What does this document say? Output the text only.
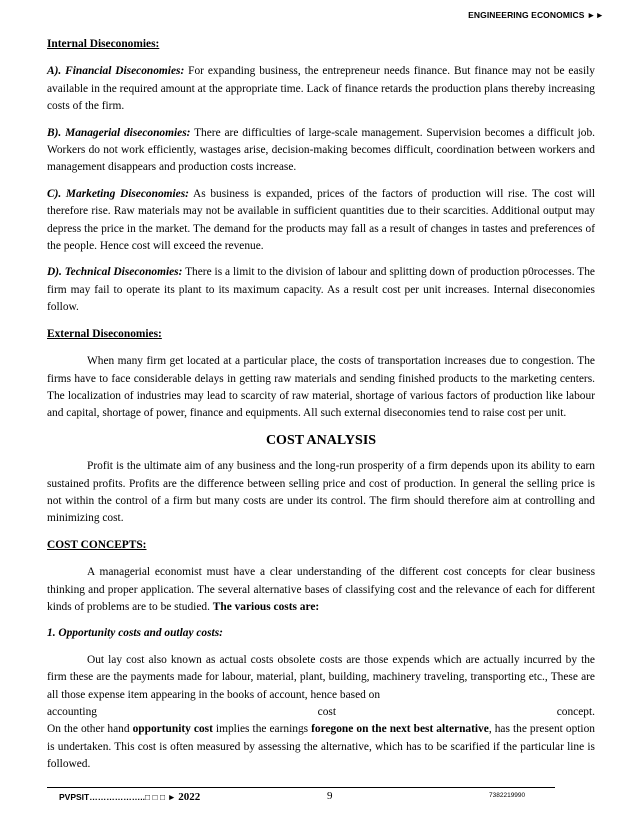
ENGINEERING ECONOMICS ►►
Internal Diseconomies:

A). Financial Diseconomies: For expanding business, the entrepreneur needs finance. But finance may not be easily available in the required amount at the appropriate time. Lack of finance retards the production plans thereby increasing costs of the firm.

B). Managerial diseconomies: There are difficulties of large-scale management. Supervision becomes a difficult job. Workers do not work efficiently, wastages arise, decision-making becomes difficult, coordination between workers and management disappears and production costs increase.

C). Marketing Diseconomies: As business is expanded, prices of the factors of production will rise. The cost will therefore rise. Raw materials may not be available in sufficient quantities due to their scarcities. Additional output may depress the price in the market. The demand for the products may fall as a result of changes in tastes and preferences of the people. Hence cost will exceed the revenue.

D). Technical Diseconomies: There is a limit to the division of labour and splitting down of production p0rocesses. The firm may fail to operate its plant to its maximum capacity. As a result cost per unit increases. Internal diseconomies follow.

External Diseconomies:

When many firm get located at a particular place, the costs of transportation increases due to congestion. The firms have to face considerable delays in getting raw materials and sending finished products to the marketing centers. The localization of industries may lead to scarcity of raw material, shortage of various factors of production like labour and capital, shortage of power, finance and equipments. All such external diseconomies tend to raise cost per unit.

COST ANALYSIS

Profit is the ultimate aim of any business and the long-run prosperity of a firm depends upon its ability to earn sustained profits. Profits are the difference between selling price and cost of production. In general the selling price is not within the control of a firm but many costs are under its control. The firm should therefore aim at controlling and minimizing cost.

COST CONCEPTS:

A managerial economist must have a clear understanding of the different cost concepts for clear business thinking and proper application. The several alternative bases of classifying cost and the relevance of each for different kinds of problems are to be studied. The various costs are:

1. Opportunity costs and outlay costs:

Out lay cost also known as actual costs obsolete costs are those expends which are actually incurred by the firm these are the payments made for labour, material, plant, building, machinery traveling, transporting etc., These are all those expense item appearing in the books of account, hence based on

accounting	cost	concept.

On the other hand opportunity cost implies the earnings foregone on the next best alternative, has the present option is undertaken. This cost is often measured by assessing the alternative, which has to be scarified if the particular line is followed.

PVPSIT………………..□ □ □ ► 2022	9	7382219990
